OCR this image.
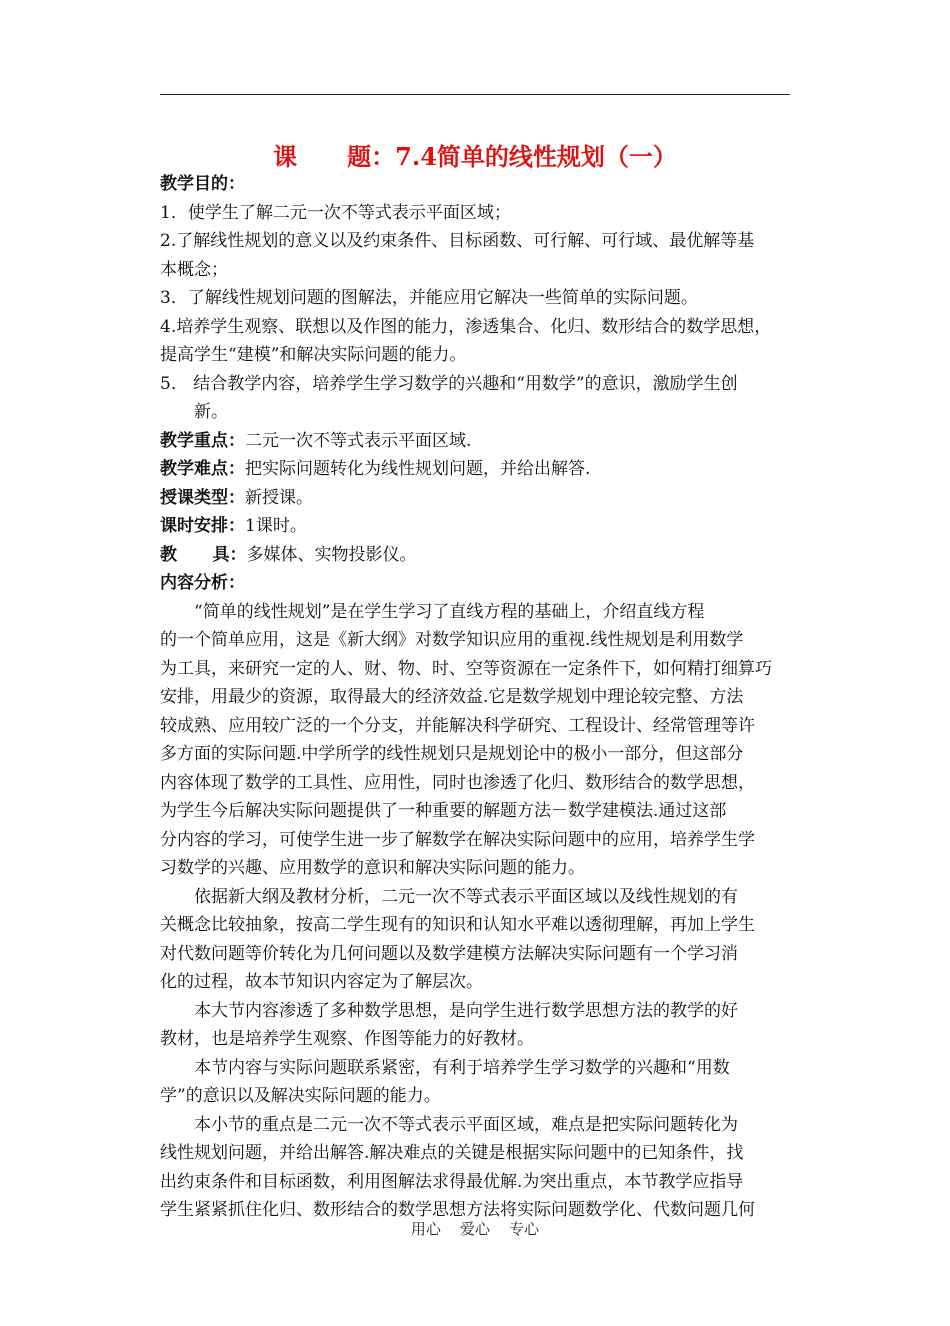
课      题：7.4简单的线性规划（一）
教学目的：
1．使学生了解二元一次不等式表示平面区域；
2.了解线性规划的意义以及约束条件、目标函数、可行解、可行域、最优解等基
本概念；
3．了解线性规划问题的图解法，并能应用它解决一些简单的实际问题。
4.培养学生观察、联想以及作图的能力，渗透集合、化归、数形结合的数学思想，
提高学生“建模”和解决实际问题的能力。
5． 结合教学内容，培养学生学习数学的兴趣和“用数学”的意识，激励学生创
新。
教学重点：二元一次不等式表示平面区域.
教学难点：把实际问题转化为线性规划问题，并给出解答.
授课类型：新授课。
课时安排：1课时。
教      具：多媒体、实物投影仪。
内容分析：
“简单的线性规划”是在学生学习了直线方程的基础上，介绍直线方程
的一个简单应用，这是《新大纲》对数学知识应用的重视.线性规划是利用数学
为工具，来研究一定的人、财、物、时、空等资源在一定条件下，如何精打细算巧
安排，用最少的资源，取得最大的经济效益.它是数学规划中理论较完整、方法
较成熟、应用较广泛的一个分支，并能解决科学研究、工程设计、经常管理等许
多方面的实际问题.中学所学的线性规划只是规划论中的极小一部分，但这部分
内容体现了数学的工具性、应用性，同时也渗透了化归、数形结合的数学思想，
为学生今后解决实际问题提供了一种重要的解题方法－数学建模法.通过这部
分内容的学习，可使学生进一步了解数学在解决实际问题中的应用，培养学生学
习数学的兴趣、应用数学的意识和解决实际问题的能力。
依据新大纲及教材分析，二元一次不等式表示平面区域以及线性规划的有
关概念比较抽象，按高二学生现有的知识和认知水平难以透彻理解，再加上学生
对代数问题等价转化为几何问题以及数学建模方法解决实际问题有一个学习消
化的过程，故本节知识内容定为了解层次。
本大节内容渗透了多种数学思想，是向学生进行数学思想方法的教学的好
教材，也是培养学生观察、作图等能力的好教材。
本节内容与实际问题联系紧密，有利于培养学生学习数学的兴趣和“用数
学”的意识以及解决实际问题的能力。
本小节的重点是二元一次不等式表示平面区域，难点是把实际问题转化为
线性规划问题，并给出解答.解决难点的关键是根据实际问题中的已知条件，找
出约束条件和目标函数，利用图解法求得最优解.为突出重点，本节教学应指导
学生紧紧抓住化归、数形结合的数学思想方法将实际问题数学化、代数问题几何
用心    爱心    专心
